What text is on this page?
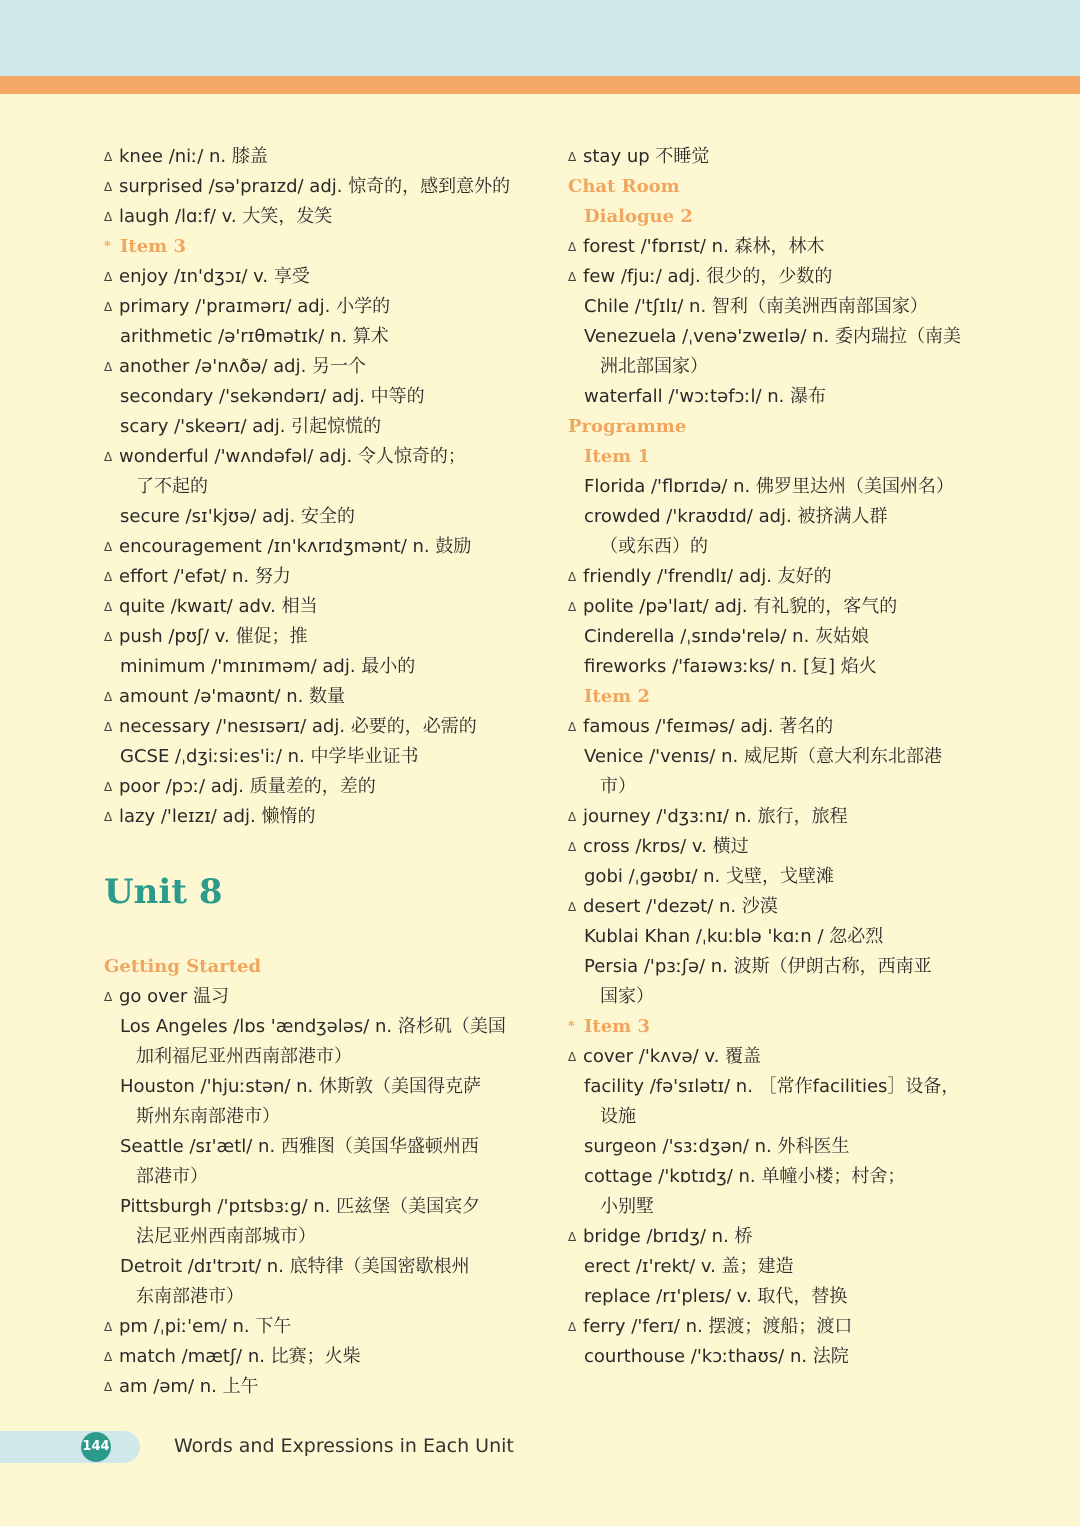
Δ knee /niː/ n. 膝盖
Δ surprised /sə'praɪzd/ adj. 惊奇的，感到意外的
Δ laugh /lɑːf/ v. 大笑，发笑
* Item 3
Δ enjoy /ɪn'dʒɔɪ/ v. 享受
Δ primary /'praɪmərɪ/ adj. 小学的
arithmetic /ə'rɪθmətɪk/ n. 算术
Δ another /ə'nʌðə/ adj. 另一个
secondary /'sekəndərɪ/ adj. 中等的
scary /'skeərɪ/ adj. 引起惊慌的
Δ wonderful /'wʌndəfəl/ adj. 令人惊奇的；
了不起的
secure /sɪ'kjʊə/ adj. 安全的
Δ encouragement /ɪn'kʌrɪdʒmənt/ n. 鼓励
Δ effort /'efət/ n. 努力
Δ quite /kwaɪt/ adv. 相当
Δ push /pʊʃ/ v. 催促；推
minimum /'mɪnɪməm/ adj. 最小的
Δ amount /ə'maʊnt/ n. 数量
Δ necessary /'nesɪsərɪ/ adj. 必要的，必需的
GCSE /ˌdʒiːsiːes'iː/ n. 中学毕业证书
Δ poor /pɔː/ adj. 质量差的，差的
Δ lazy /'leɪzɪ/ adj. 懒惰的
Unit 8
Getting Started
Δ go over 温习
Los Angeles /lɒs 'ændʒələs/ n. 洛杉矶（美国
加利福尼亚州西南部港市）
Houston /'hjuːstən/ n. 休斯敦（美国得克萨
斯州东南部港市）
Seattle /sɪ'ætl/ n. 西雅图（美国华盛顿州西
部港市）
Pittsburgh /'pɪtsbɜːg/ n. 匹兹堡（美国宾夕
法尼亚州西南部城市）
Detroit /dɪ'trɔɪt/ n. 底特律（美国密歇根州
东南部港市）
Δ pm /ˌpiː'em/ n. 下午
Δ match /mætʃ/ n. 比赛；火柴
Δ am /əm/ n. 上午
Δ stay up 不睡觉
Chat Room
Dialogue 2
Δ forest /'fɒrɪst/ n. 森林，林木
Δ few /fjuː/ adj. 很少的，少数的
Chile /'tʃɪlɪ/ n. 智利（南美洲西南部国家）
Venezuela /ˌvenə'zweɪlə/ n. 委内瑞拉（南美
洲北部国家）
waterfall /'wɔːtəfɔːl/ n. 瀑布
Programme
Item 1
Florida /'flɒrɪdə/ n. 佛罗里达州（美国州名）
crowded /'kraʊdɪd/ adj. 被挤满人群
（或东西）的
Δ friendly /'frendlɪ/ adj. 友好的
Δ polite /pə'laɪt/ adj. 有礼貌的，客气的
Cinderella /ˌsɪndə'relə/ n. 灰姑娘
fireworks /'faɪəwɜːks/ n. [复] 焰火
Item 2
Δ famous /'feɪməs/ adj. 著名的
Venice /'venɪs/ n. 威尼斯（意大利东北部港
市）
Δ journey /'dʒɜːnɪ/ n. 旅行，旅程
Δ cross /krɒs/ v. 横过
gobi /ˌgəʊbɪ/ n. 戈壁，戈壁滩
Δ desert /'dezət/ n. 沙漠
Kublai Khan /ˌkuːblə 'kɑːn / 忽必烈
Persia /'pɜːʃə/ n. 波斯（伊朗古称，西南亚
国家）
* Item 3
Δ cover /'kʌvə/ v. 覆盖
facility /fə'sɪlətɪ/ n. ［常作facilities］设备，
设施
surgeon /'sɜːdʒən/ n. 外科医生
cottage /'kɒtɪdʒ/ n. 单幢小楼；村舍；
小别墅
Δ bridge /brɪdʒ/ n. 桥
erect /ɪ'rekt/ v. 盖；建造
replace /rɪ'pleɪs/ v. 取代，替换
Δ ferry /'ferɪ/ n. 摆渡；渡船；渡口
courthouse /'kɔːthaʊs/ n. 法院
144	Words and Expressions in Each Unit
